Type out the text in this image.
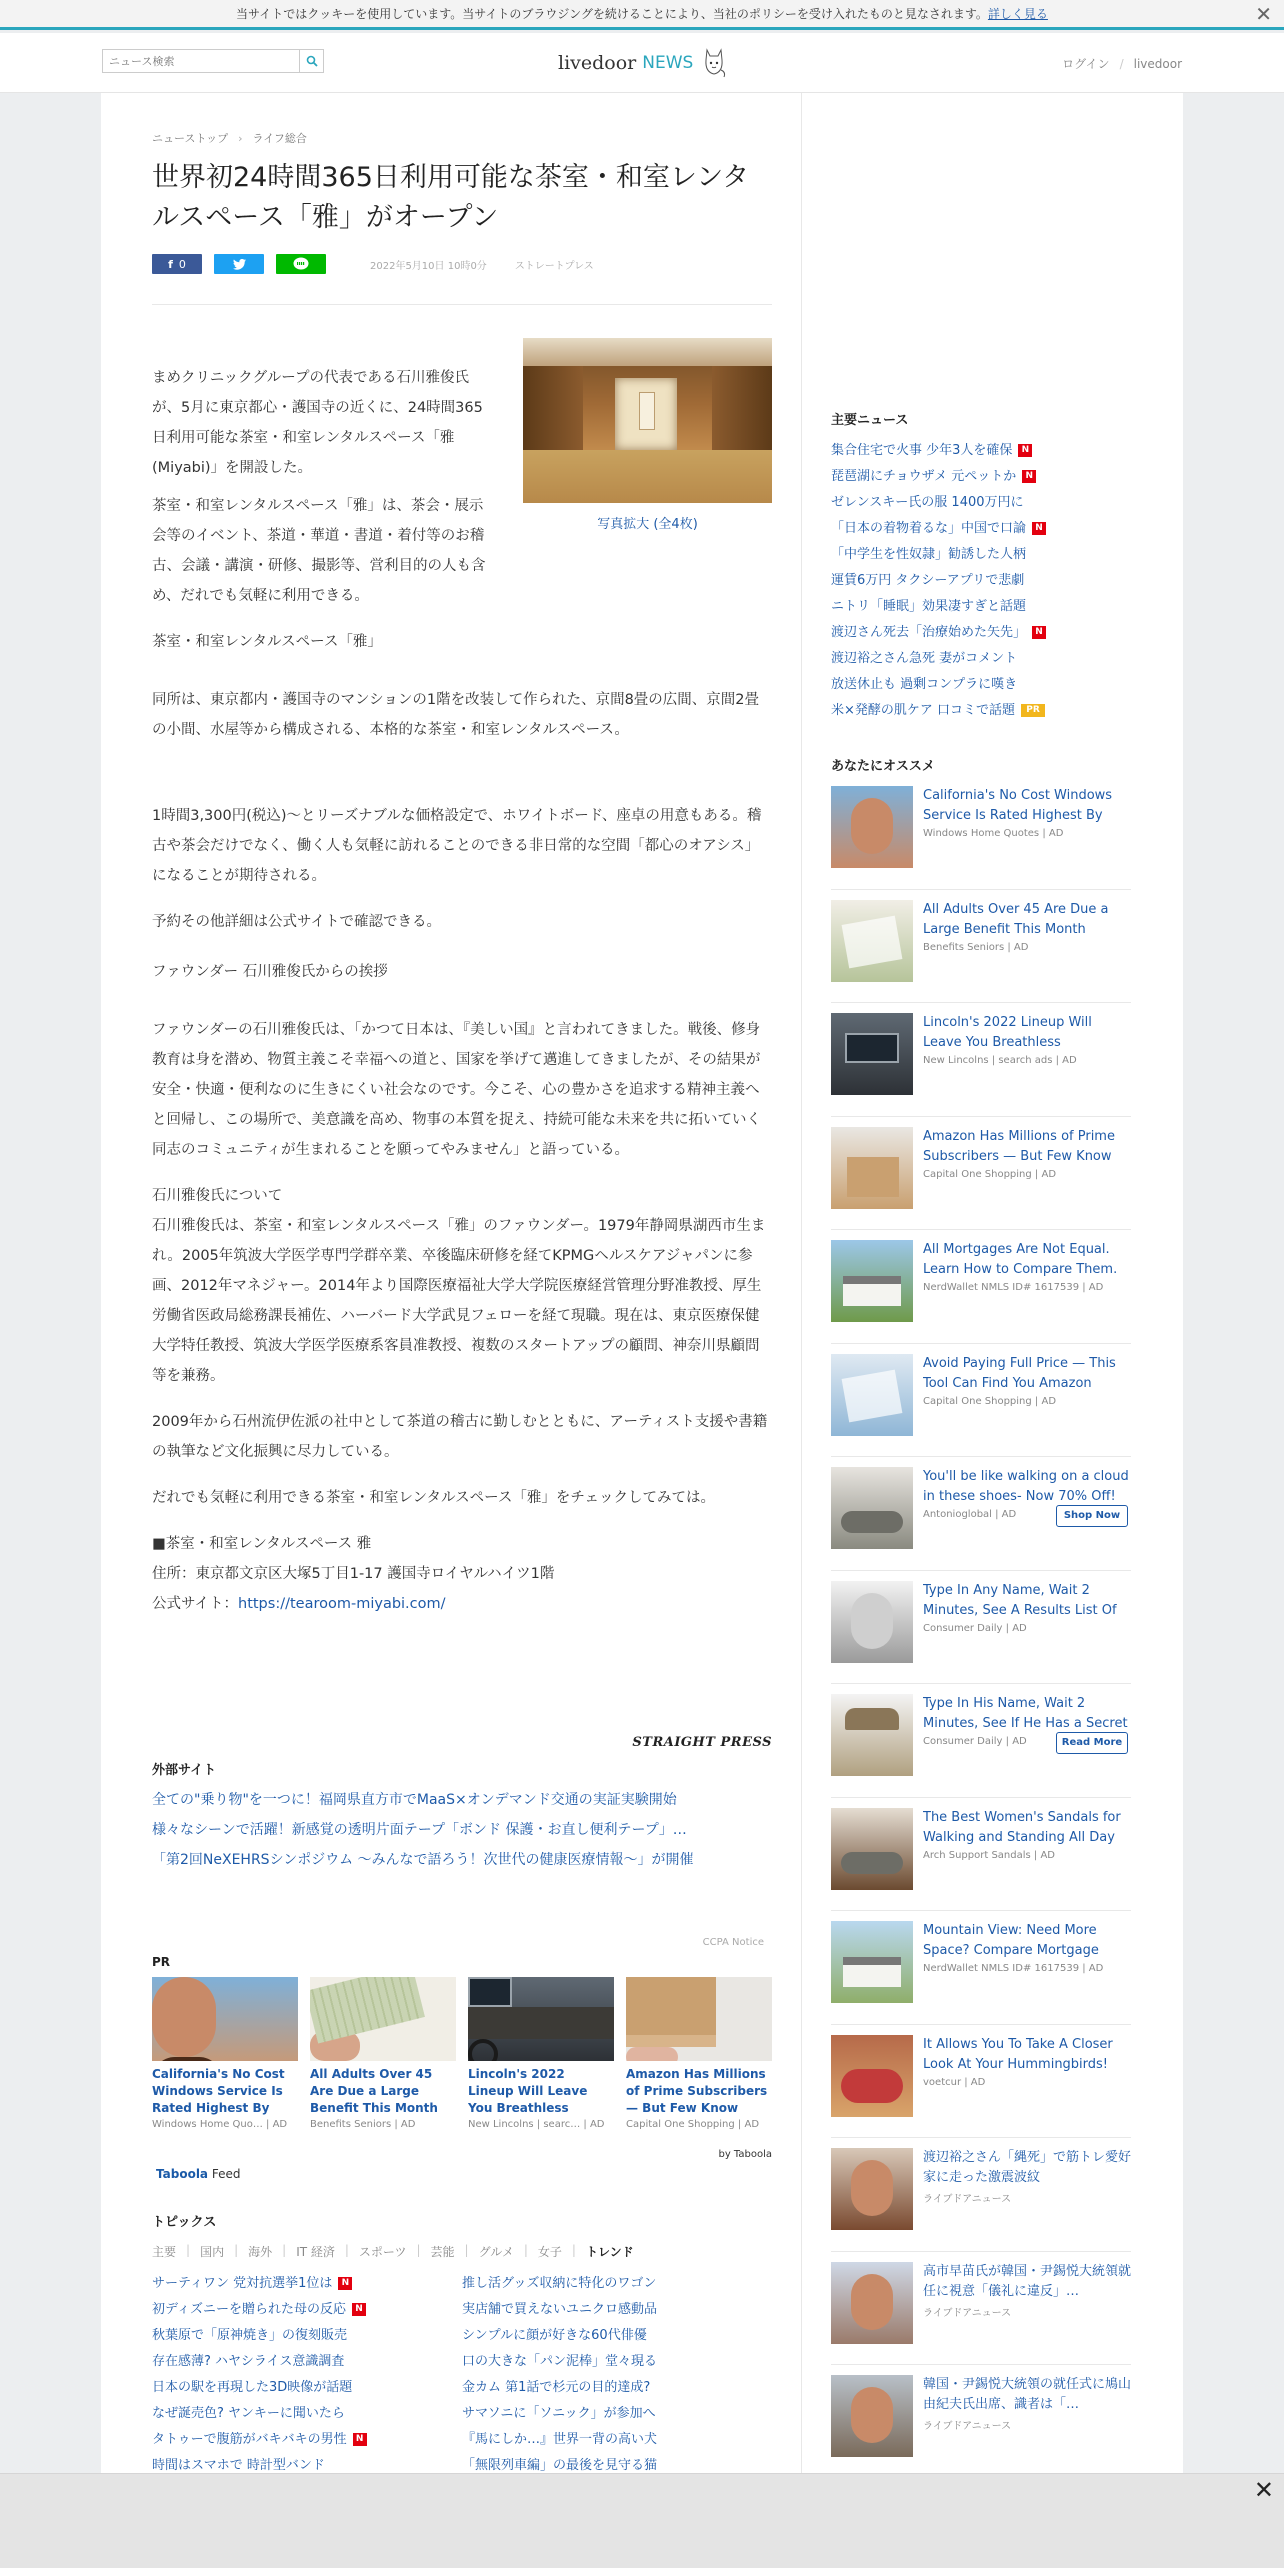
当サイトではクッキーを使用しています。当サイトのブラウジングを続けることにより、当社のポリシーを受け入れたものと見なされます。詳しく見る	✕
ニュース検索
livedoor NEWS	ログイン / livedoor
ニューストップ › ライフ総合
世界初24時間365日利用可能な茶室・和室レンタルスペース「雅」がオープン
f 0	2022年5月10日 10時0分	ストレートプレス
写真拡大 (全4枚)

まめクリニックグループの代表である石川雅俊氏が、5月に東京都心・護国寺の近くに、24時間365日利用可能な茶室・和室レンタルスペース「雅(Miyabi)」を開設した。

茶室・和室レンタルスペース「雅」は、茶会・展示会等のイベント、茶道・華道・書道・着付等のお稽古、会議・講演・研修、撮影等、営利目的の人も含め、だれでも気軽に利用できる。

茶室・和室レンタルスペース「雅」

同所は、東京都内・護国寺のマンションの1階を改装して作られた、京間8畳の広間、京間2畳の小間、水屋等から構成される、本格的な茶室・和室レンタルスペース。

1時間3,300円(税込)～とリーズナブルな価格設定で、ホワイトボード、座卓の用意もある。稽古や茶会だけでなく、働く人も気軽に訪れることのできる非日常的な空間「都心のオアシス」になることが期待される。

予約その他詳細は公式サイトで確認できる。

ファウンダー 石川雅俊氏からの挨拶

ファウンダーの石川雅俊氏は、「かつて日本は、『美しい国』と言われてきました。戦後、修身教育は身を潜め、物質主義こそ幸福への道と、国家を挙げて邁進してきましたが、その結果が安全・快適・便利なのに生きにくい社会なのです。今こそ、心の豊かさを追求する精神主義へと回帰し、この場所で、美意識を高め、物事の本質を捉え、持続可能な未来を共に拓いていく同志のコミュニティが生まれることを願ってやみません」と語っている。

石川雅俊氏について

石川雅俊氏は、茶室・和室レンタルスペース「雅」のファウンダー。1979年静岡県湖西市生まれ。2005年筑波大学医学専門学群卒業、卒後臨床研修を経てKPMGヘルスケアジャパンに参画、2012年マネジャー。2014年より国際医療福祉大学大学院医療経営管理分野准教授、厚生労働省医政局総務課長補佐、ハーバード大学武見フェローを経て現職。現在は、東京医療保健大学特任教授、筑波大学医学医療系客員准教授、複数のスタートアップの顧問、神奈川県顧問等を兼務。

2009年から石州流伊佐派の社中として茶道の稽古に勤しむとともに、アーティスト支援や書籍の執筆など文化振興に尽力している。

だれでも気軽に利用できる茶室・和室レンタルスペース「雅」をチェックしてみては。

■茶室・和室レンタルスペース 雅

住所：東京都文京区大塚5丁目1-17 護国寺ロイヤルハイツ1階

公式サイト：https://tearoom-miyabi.com/

STRAIGHT PRESS
外部サイト
全ての"乗り物"を一つに！福岡県直方市でMaaS×オンデマンド交通の実証実験開始
様々なシーンで活躍！新感覚の透明片面テープ「ボンド 保護・お直し便利テープ」…
「第2回NeXEHRSシンポジウム ～みんなで語ろう！次世代の健康医療情報～」が開催
CCPA Notice
PR
California's No Cost Windows Service Is Rated Highest By
Windows Home Quo… | AD
All Adults Over 45 Are Due a Large Benefit This Month
Benefits Seniors | AD
Lincoln's 2022 Lineup Will Leave You Breathless
New Lincolns | searc… | AD
Amazon Has Millions of Prime Subscribers — But Few Know
Capital One Shopping | AD
by Taboola
Taboola Feed
トピックス
主要 | 国内 | 海外 | IT 経済 | スポーツ | 芸能 | グルメ | 女子 | トレンド
サーティワン 党対抗選挙1位は N
初ディズニーを贈られた母の反応 N
秋葉原で「原神焼き」の復刻販売
存在感薄? ハヤシライス意識調査
日本の駅を再現した3D映像が話題
なぜ誕売色? ヤンキーに聞いたら
タトゥーで腹筋がバキバキの男性 N
時間はスマホで 時計型バンド
推し活グッズ収納に特化のワゴン
実店舗で買えないユニクロ感動品
シンプルに顔が好きな60代俳優
口の大きな「パン泥棒」堂々現る
金カム 第1話で杉元の目的達成?
サマソニに「ソニック」が参加へ
『馬にしか…』世界一背の高い犬
「無限列車編」の最後を見守る猫
主要ニュース
集合住宅で火事 少年3人を確保 N
琵琶湖にチョウザメ 元ペットか N
ゼレンスキー氏の服 1400万円に
「日本の着物着るな」中国で口論 N
「中学生を性奴隷」勧誘した人柄
運賃6万円 タクシーアプリで悲劇
ニトリ「睡眠」効果凄すぎと話題
渡辺さん死去「治療始めた矢先」 N
渡辺裕之さん急死 妻がコメント
放送休止も 過剰コンプラに嘆き
米×発酵の肌ケア 口コミで話題 PR
あなたにオススメ
California's No Cost Windows Service Is Rated Highest By
Windows Home Quotes | AD
All Adults Over 45 Are Due a Large Benefit This Month
Benefits Seniors | AD
Lincoln's 2022 Lineup Will Leave You Breathless
New Lincolns | search ads | AD
Amazon Has Millions of Prime Subscribers — But Few Know
Capital One Shopping | AD
All Mortgages Are Not Equal. Learn How to Compare Them.
NerdWallet NMLS ID# 1617539 | AD
Avoid Paying Full Price — This Tool Can Find You Amazon
Capital One Shopping | AD
You'll be like walking on a cloud in these shoes- Now 70% Off!
Antonioglobal | AD	Shop Now
Type In Any Name, Wait 2 Minutes, See A Results List Of
Consumer Daily | AD
Type In His Name, Wait 2 Minutes, See If He Has a Secret
Consumer Daily | AD	Read More
The Best Women's Sandals for Walking and Standing All Day
Arch Support Sandals | AD
Mountain View: Need More Space? Compare Mortgage
NerdWallet NMLS ID# 1617539 | AD
It Allows You To Take A Closer Look At Your Hummingbirds!
voetcur | AD
渡辺裕之さん「縄死」で筋トレ愛好家に走った激震波紋
ライブドアニュース
高市早苗氏が韓国・尹錫悦大統領就任に視意「儀礼に違反」…
ライブドアニュース
韓国・尹錫悦大統領の就任式に鳩山由紀夫氏出席、識者は「…
ライブドアニュース
✕
